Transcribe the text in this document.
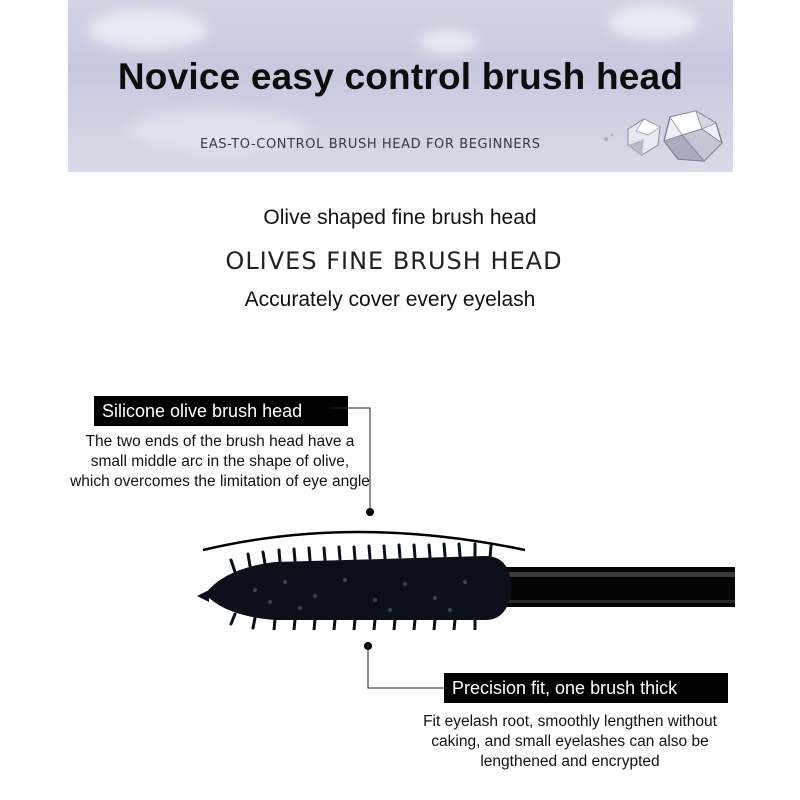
Novice easy control brush head
EAS-TO-CONTROL BRUSH HEAD FOR BEGINNERS
Olive shaped fine brush head
OLIVES FINE BRUSH HEAD
Accurately cover every eyelash
Silicone olive brush head
The two ends of the brush head have a small middle arc in the shape of olive, which overcomes the limitation of eye angle
Precision fit, one brush thick
Fit eyelash root, smoothly lengthen without caking, and small eyelashes can also be lengthened and encrypted
